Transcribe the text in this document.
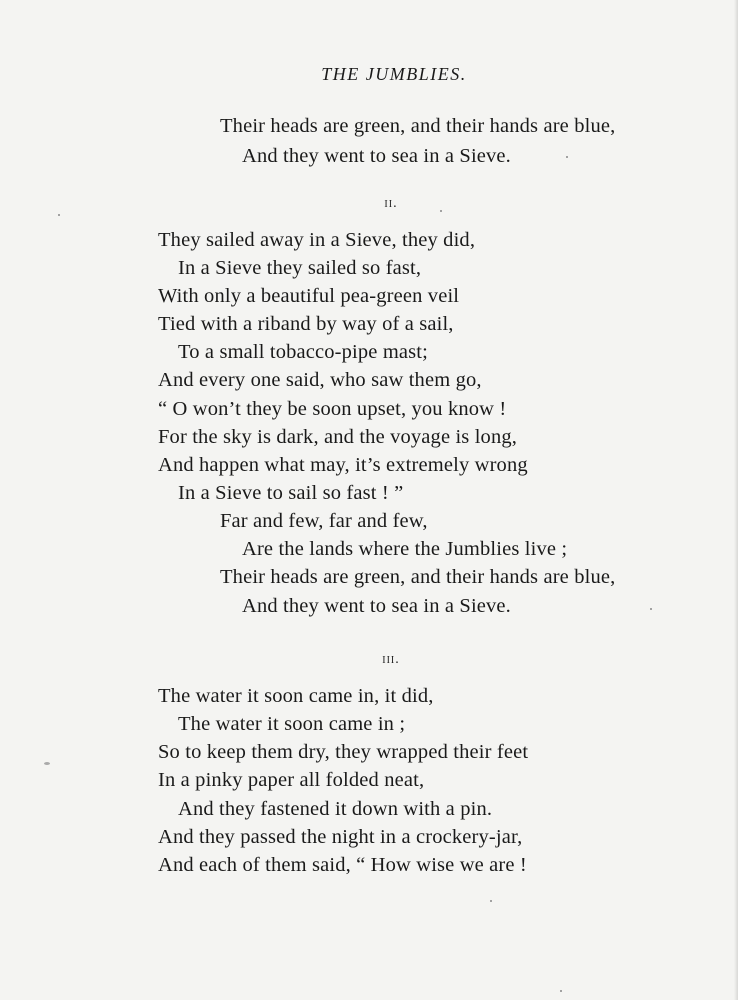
THE JUMBLIES.
Their heads are green, and their hands are blue,
And they went to sea in a Sieve.
ii.
They sailed away in a Sieve, they did,
In a Sieve they sailed so fast,
With only a beautiful pea-green veil
Tied with a riband by way of a sail,
To a small tobacco-pipe mast;
And every one said, who saw them go,
“ O won’t they be soon upset, you know !
For the sky is dark, and the voyage is long,
And happen what may, it’s extremely wrong
In a Sieve to sail so fast ! ”
Far and few, far and few,
Are the lands where the Jumblies live ;
Their heads are green, and their hands are blue,
And they went to sea in a Sieve.
iii.
The water it soon came in, it did,
The water it soon came in ;
So to keep them dry, they wrapped their feet
In a pinky paper all folded neat,
And they fastened it down with a pin.
And they passed the night in a crockery-jar,
And each of them said, “ How wise we are !
